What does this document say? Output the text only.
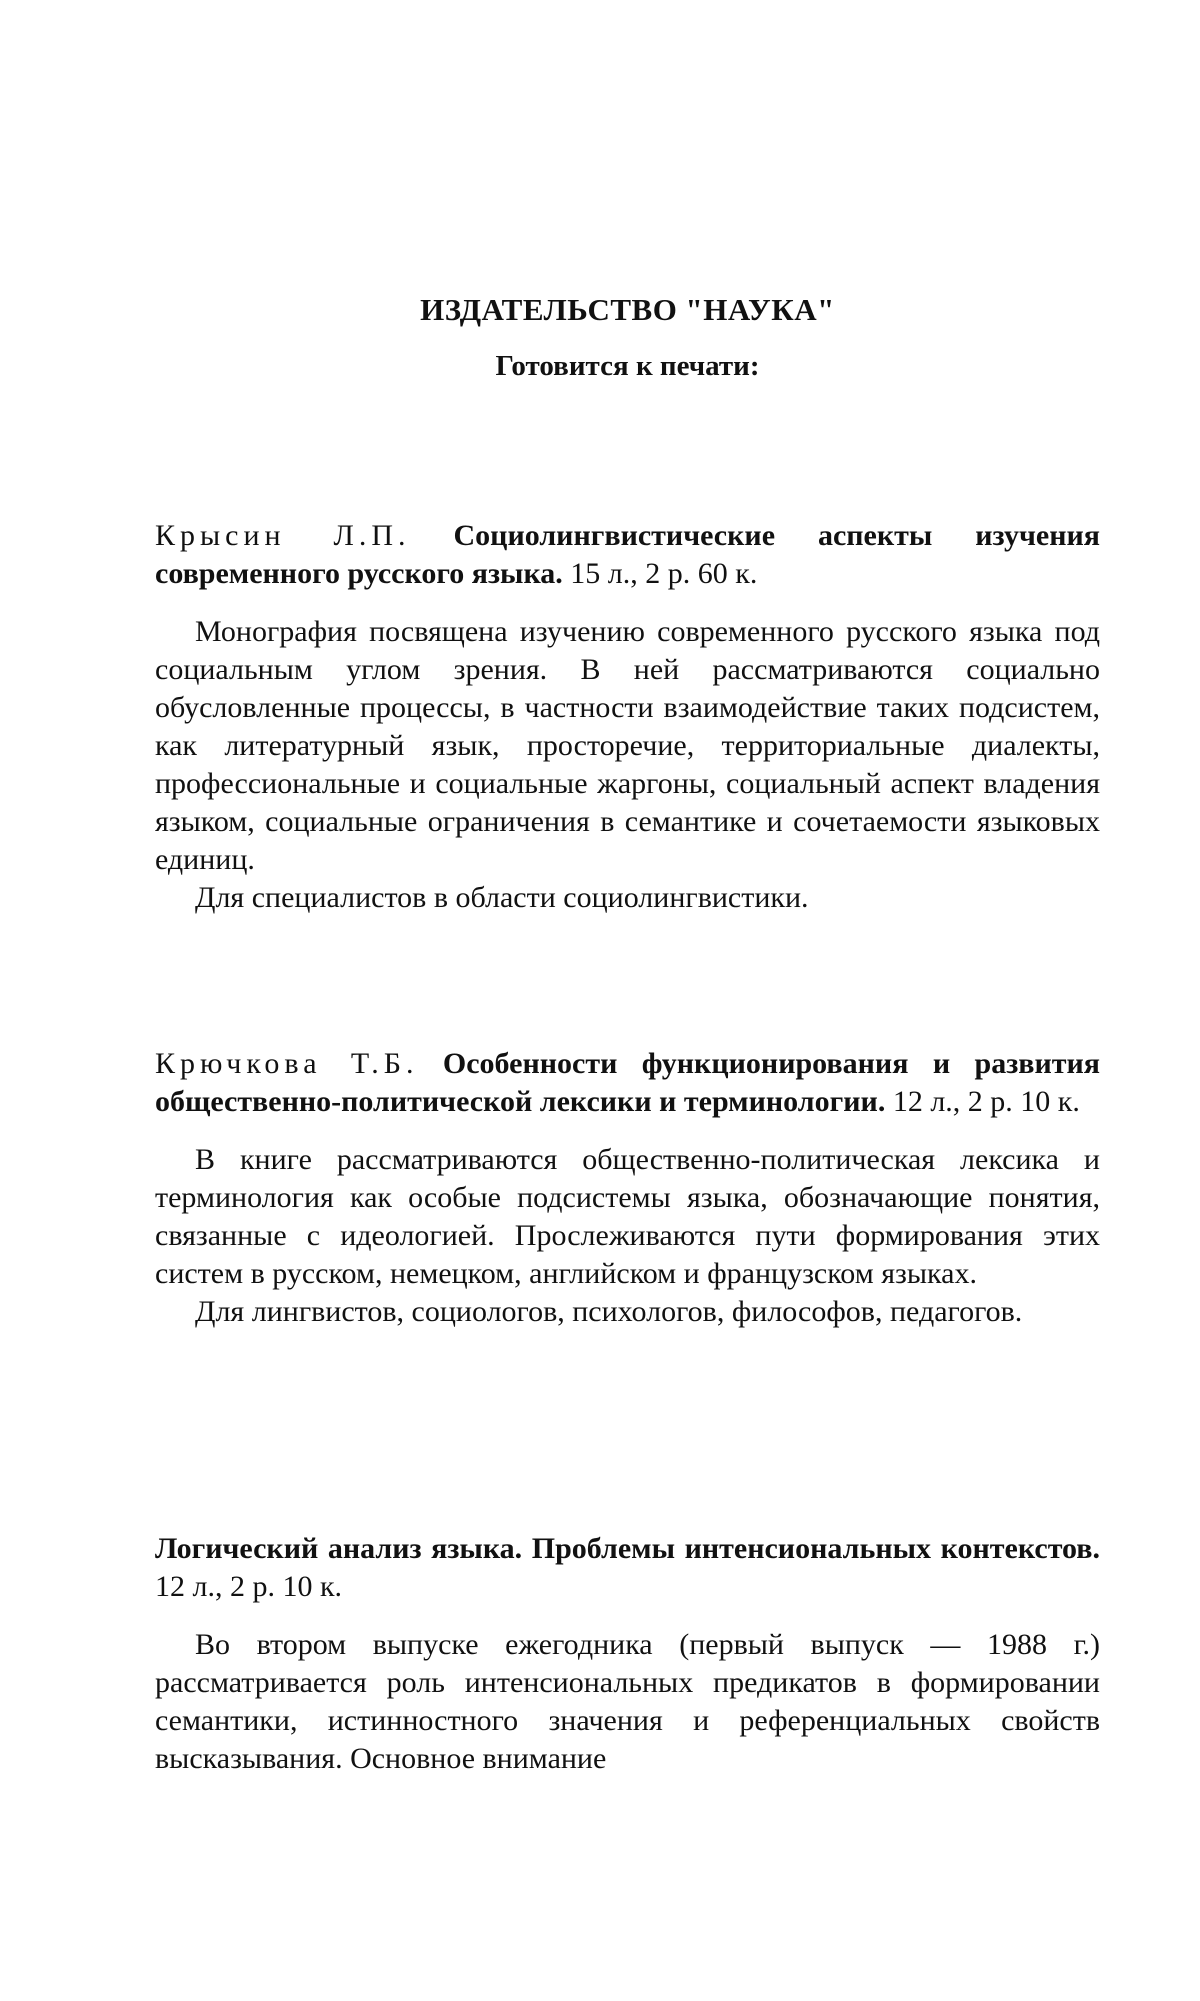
ИЗДАТЕЛЬСТВО "НАУКА"
Готовится к печати:

Крысин Л.П. Социолингвистические аспекты изучения современного русского языка. 15 л., 2 р. 60 к.

Монография посвящена изучению современного русского языка под социальным углом зрения. В ней рассматриваются социально обусловленные процессы, в частности взаимодействие таких подсистем, как литературный язык, просторечие, территориальные диалекты, профессиональные и социальные жаргоны, социальный аспект владения языком, социальные ограничения в семантике и сочетаемости языковых единиц.

Для специалистов в области социолингвистики.

Крючкова Т.Б. Особенности функционирования и развития общественно-политической лексики и терминологии. 12 л., 2 р. 10 к.

В книге рассматриваются общественно-политическая лексика и терминология как особые подсистемы языка, обозначающие понятия, связанные с идеологией. Прослеживаются пути формирования этих систем в русском, немецком, английском и французском языках.

Для лингвистов, социологов, психологов, философов, педагогов.

Логический анализ языка. Проблемы интенсиональных контекстов. 12 л., 2 р. 10 к.

Во втором выпуске ежегодника (первый выпуск — 1988 г.) рассматривается роль интенсиональных предикатов в формировании семантики, истинностного значения и референциальных свойств высказывания. Основное внимание
